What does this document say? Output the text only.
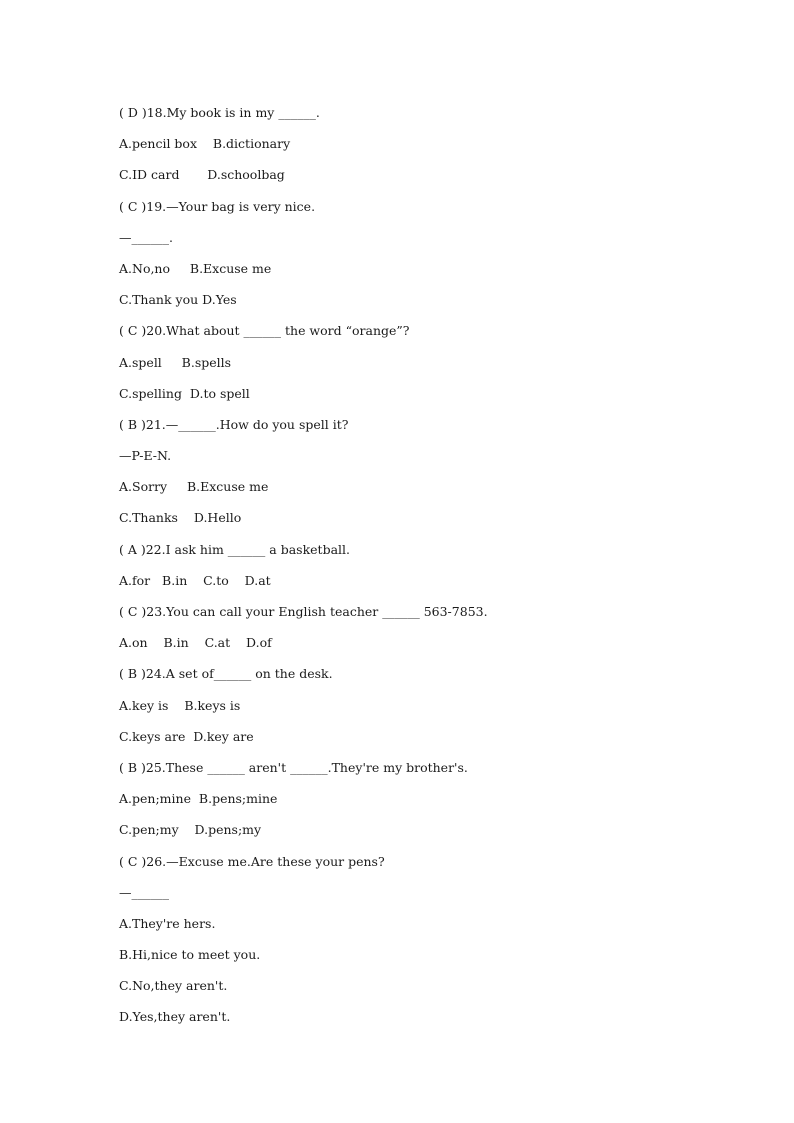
( D )18.My book is in my ______.
A.pencil box    B.dictionary
C.ID card       D.schoolbag
( C )19.—Your bag is very nice.
—______.
A.No,no     B.Excuse me
C.Thank you D.Yes
( C )20.What about ______ the word “orange”?
A.spell     B.spells
C.spelling  D.to spell
( B )21.—______.How do you spell it?
—P-E-N.
A.Sorry     B.Excuse me
C.Thanks    D.Hello
( A )22.I ask him ______ a basketball.
A.for   B.in    C.to    D.at
( C )23.You can call your English teacher ______ 563-7853.
A.on    B.in    C.at    D.of
( B )24.A set of______ on the desk.
A.key is    B.keys is
C.keys are  D.key are
( B )25.These ______ aren't ______.They're my brother's.
A.pen;mine  B.pens;mine
C.pen;my    D.pens;my
( C )26.—Excuse me.Are these your pens?
—______
A.They're hers.
B.Hi,nice to meet you.
C.No,they aren't.
D.Yes,they aren't.
